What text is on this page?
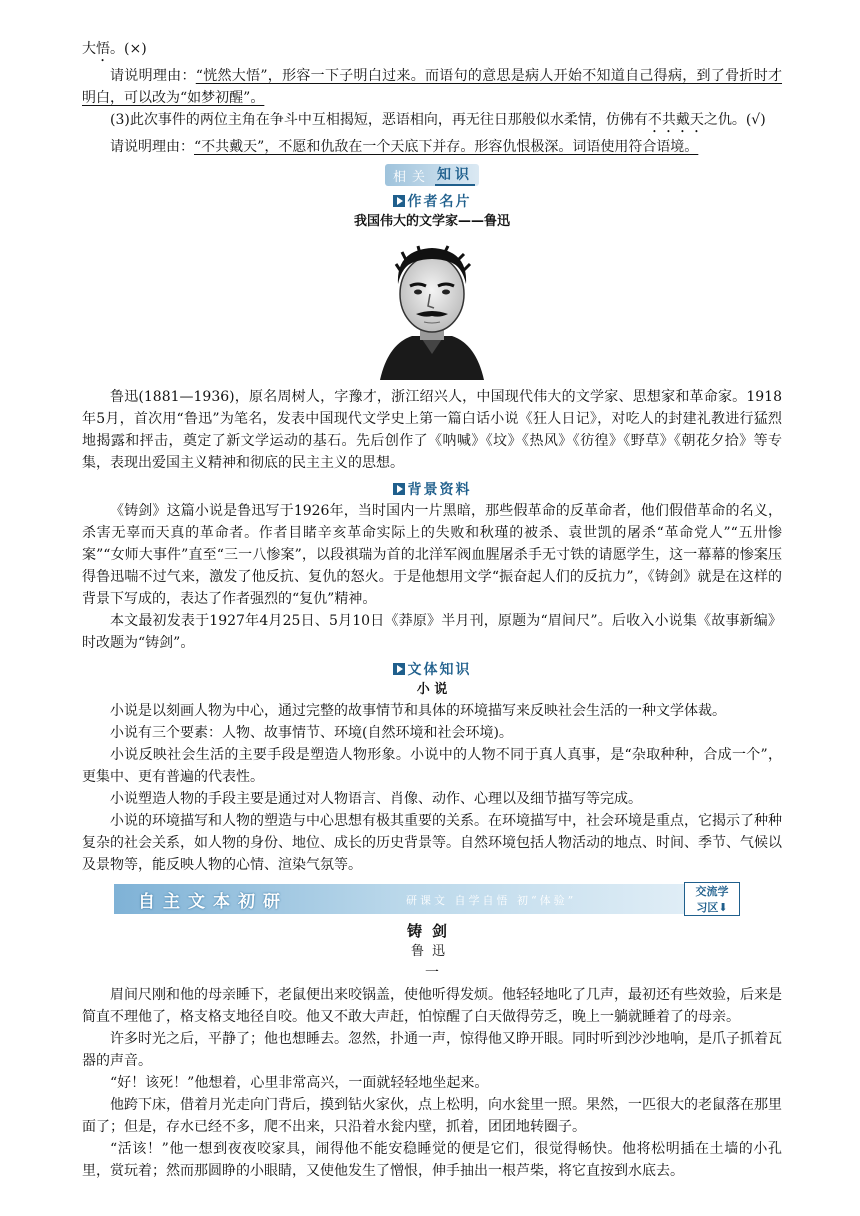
大悟。(×)

请说明理由：“恍然大悟”，形容一下子明白过来。而语句的意思是病人开始不知道自己得病，到了骨折时才明白，可以改为“如梦初醒”。

(3)此次事件的两位主角在争斗中互相揭短，恶语相向，再无往日那般似水柔情，仿佛有不共戴天之仇。(√)

请说明理由：“不共戴天”，不愿和仇敌在一个天底下并存。形容仇恨极深。词语使用符合语境。

相关 知识
作者名片
我国伟大的文学家——鲁迅

鲁迅(1881—1936)，原名周树人，字豫才，浙江绍兴人，中国现代伟大的文学家、思想家和革命家。1918年5月，首次用“鲁迅”为笔名，发表中国现代文学史上第一篇白话小说《狂人日记》，对吃人的封建礼教进行猛烈地揭露和抨击，奠定了新文学运动的基石。先后创作了《呐喊》《坟》《热风》《彷徨》《野草》《朝花夕拾》等专集，表现出爱国主义精神和彻底的民主主义的思想。

背景资料

《铸剑》这篇小说是鲁迅写于1926年，当时国内一片黑暗，那些假革命的反革命者，他们假借革命的名义，杀害无辜而天真的革命者。作者目睹辛亥革命实际上的失败和秋瑾的被杀、袁世凯的屠杀“革命党人”“五卅惨案”“女师大事件”直至“三一八惨案”，以段祺瑞为首的北洋军阀血腥屠杀手无寸铁的请愿学生，这一幕幕的惨案压得鲁迅喘不过气来，激发了他反抗、复仇的怒火。于是他想用文学“振奋起人们的反抗力”，《铸剑》就是在这样的背景下写成的，表达了作者强烈的“复仇”精神。

本文最初发表于1927年4月25日、5月10日《莽原》半月刊，原题为“眉间尺”。后收入小说集《故事新编》时改题为“铸剑”。

文体知识
小 说

小说是以刻画人物为中心，通过完整的故事情节和具体的环境描写来反映社会生活的一种文学体裁。

小说有三个要素：人物、故事情节、环境(自然环境和社会环境)。

小说反映社会生活的主要手段是塑造人物形象。小说中的人物不同于真人真事，是“杂取种种，合成一个”，更集中、更有普遍的代表性。

小说塑造人物的手段主要是通过对人物语言、肖像、动作、心理以及细节描写等完成。

小说的环境描写和人物的塑造与中心思想有极其重要的关系。在环境描写中，社会环境是重点，它揭示了种种复杂的社会关系，如人物的身份、地位、成长的历史背景等。自然环境包括人物活动的地点、时间、季节、气候以及景物等，能反映人物的心情、渲染气氛等。

自主文本初研	研课文 自学自悟 初“体验”
交流学
习区⬇
铸剑
鲁迅
一

眉间尺刚和他的母亲睡下，老鼠便出来咬锅盖，使他听得发烦。他轻轻地叱了几声，最初还有些效验，后来是简直不理他了，格支格支地径自咬。他又不敢大声赶，怕惊醒了白天做得劳乏，晚上一躺就睡着了的母亲。

许多时光之后，平静了；他也想睡去。忽然，扑通一声，惊得他又睁开眼。同时听到沙沙地响，是爪子抓着瓦器的声音。

“好！该死！”他想着，心里非常高兴，一面就轻轻地坐起来。

他跨下床，借着月光走向门背后，摸到钻火家伙，点上松明，向水瓮里一照。果然，一匹很大的老鼠落在那里面了；但是，存水已经不多，爬不出来，只沿着水瓮内壁，抓着，团团地转圈子。

“活该！”他一想到夜夜咬家具，闹得他不能安稳睡觉的便是它们，很觉得畅快。他将松明插在土墙的小孔里，赏玩着；然而那圆睁的小眼睛，又使他发生了憎恨，伸手抽出一根芦柴，将它直按到水底去。
